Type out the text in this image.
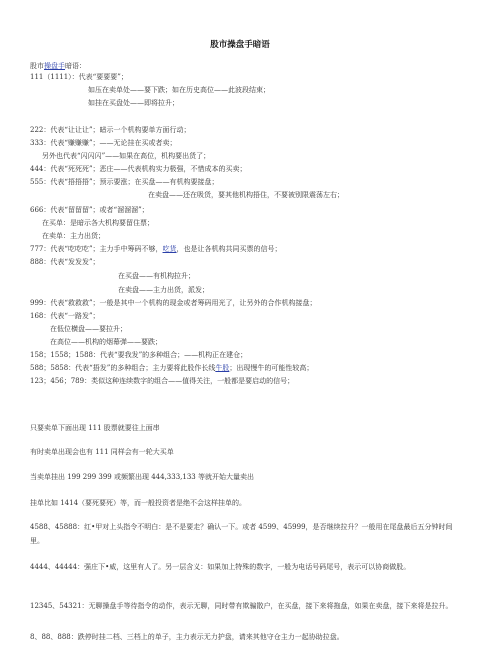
股市操盘手暗语
股市操盘手暗语：
111（1111）：代表“要要要”；
如压在卖单处——要下跌；如在历史高位——此波段结束；
如挂在买盘处——即将拉升；
222：代表“让让让”；暗示一个机构要单方面行动；
333：代表“赚赚赚”；——无论挂在买或者卖；
另外也代表“闪闪闪”——如果在高位，机构要出货了；
444：代表“死死死”；恶庄——代表机构实力极强，不惜成本的买卖；
555：代表“捂捂捂”；预示要涨；在买盘——有机构要接盘；
在卖盘——还在吸货，要其他机构捂住，不要被别限震荡左右；
666：代表“留留留”；或者“溜溜溜”；
在买单：是暗示各大机构要留住票；
在卖单：主力出货；
777：代表“吃吃吃”；主力手中筹码不够，吃货，也是让各机构共同买票的信号；
888：代表“发发发”；
在买盘——有机构拉升；
在卖盘——主力出货，派发；
999：代表“救救救”；一般是其中一个机构的现金或者筹码用光了，让另外的合作机构接盘；
168：代表“一路发”；
在低位横盘——要拉升；
在高位——机构的烟幕弹——要跌；
158；1558；1588：代表“要我发”的多种组合；——机构正在建仓；
588；5858：代表“捂发”的多种组合；主力要将此股作长线牛股；出现慢牛的可能性较高；
123；456；789：类似这种连续数字的组合——值得关注，一般都是要启动的信号；
只要卖单下面出现 111 股票就要往上面串
有时卖单出现会也有 111 同样会有一轮大买单
当卖单挂出 199 299 399 或频繁出现 444,333,133 等就开始大量卖出
挂单比如 1414（要死要死）等，而一般投资者是绝不会这样挂单的。
4588、45888：红•甲对上头指令不明白：是不是要走？确认一下。或者 4599、45999，是否继续拉升？一般用在尾盘最后五分钟时间里。
4444、44444：强庄下•威，这里有人了。另一层含义：如果加上特殊的数字，一般为电话号码尾号，表示可以协商做股。
12345、54321：无聊操盘手等待指令的动作，表示无聊，同时带有欺骗散户，在买盘，接下来将拖盘，如果在卖盘，接下来将是拉升。
8、88、888：跌停时挂二档、三档上的单子，主力表示无力护盘，请来其他守仓主力一起协助拉盘。
